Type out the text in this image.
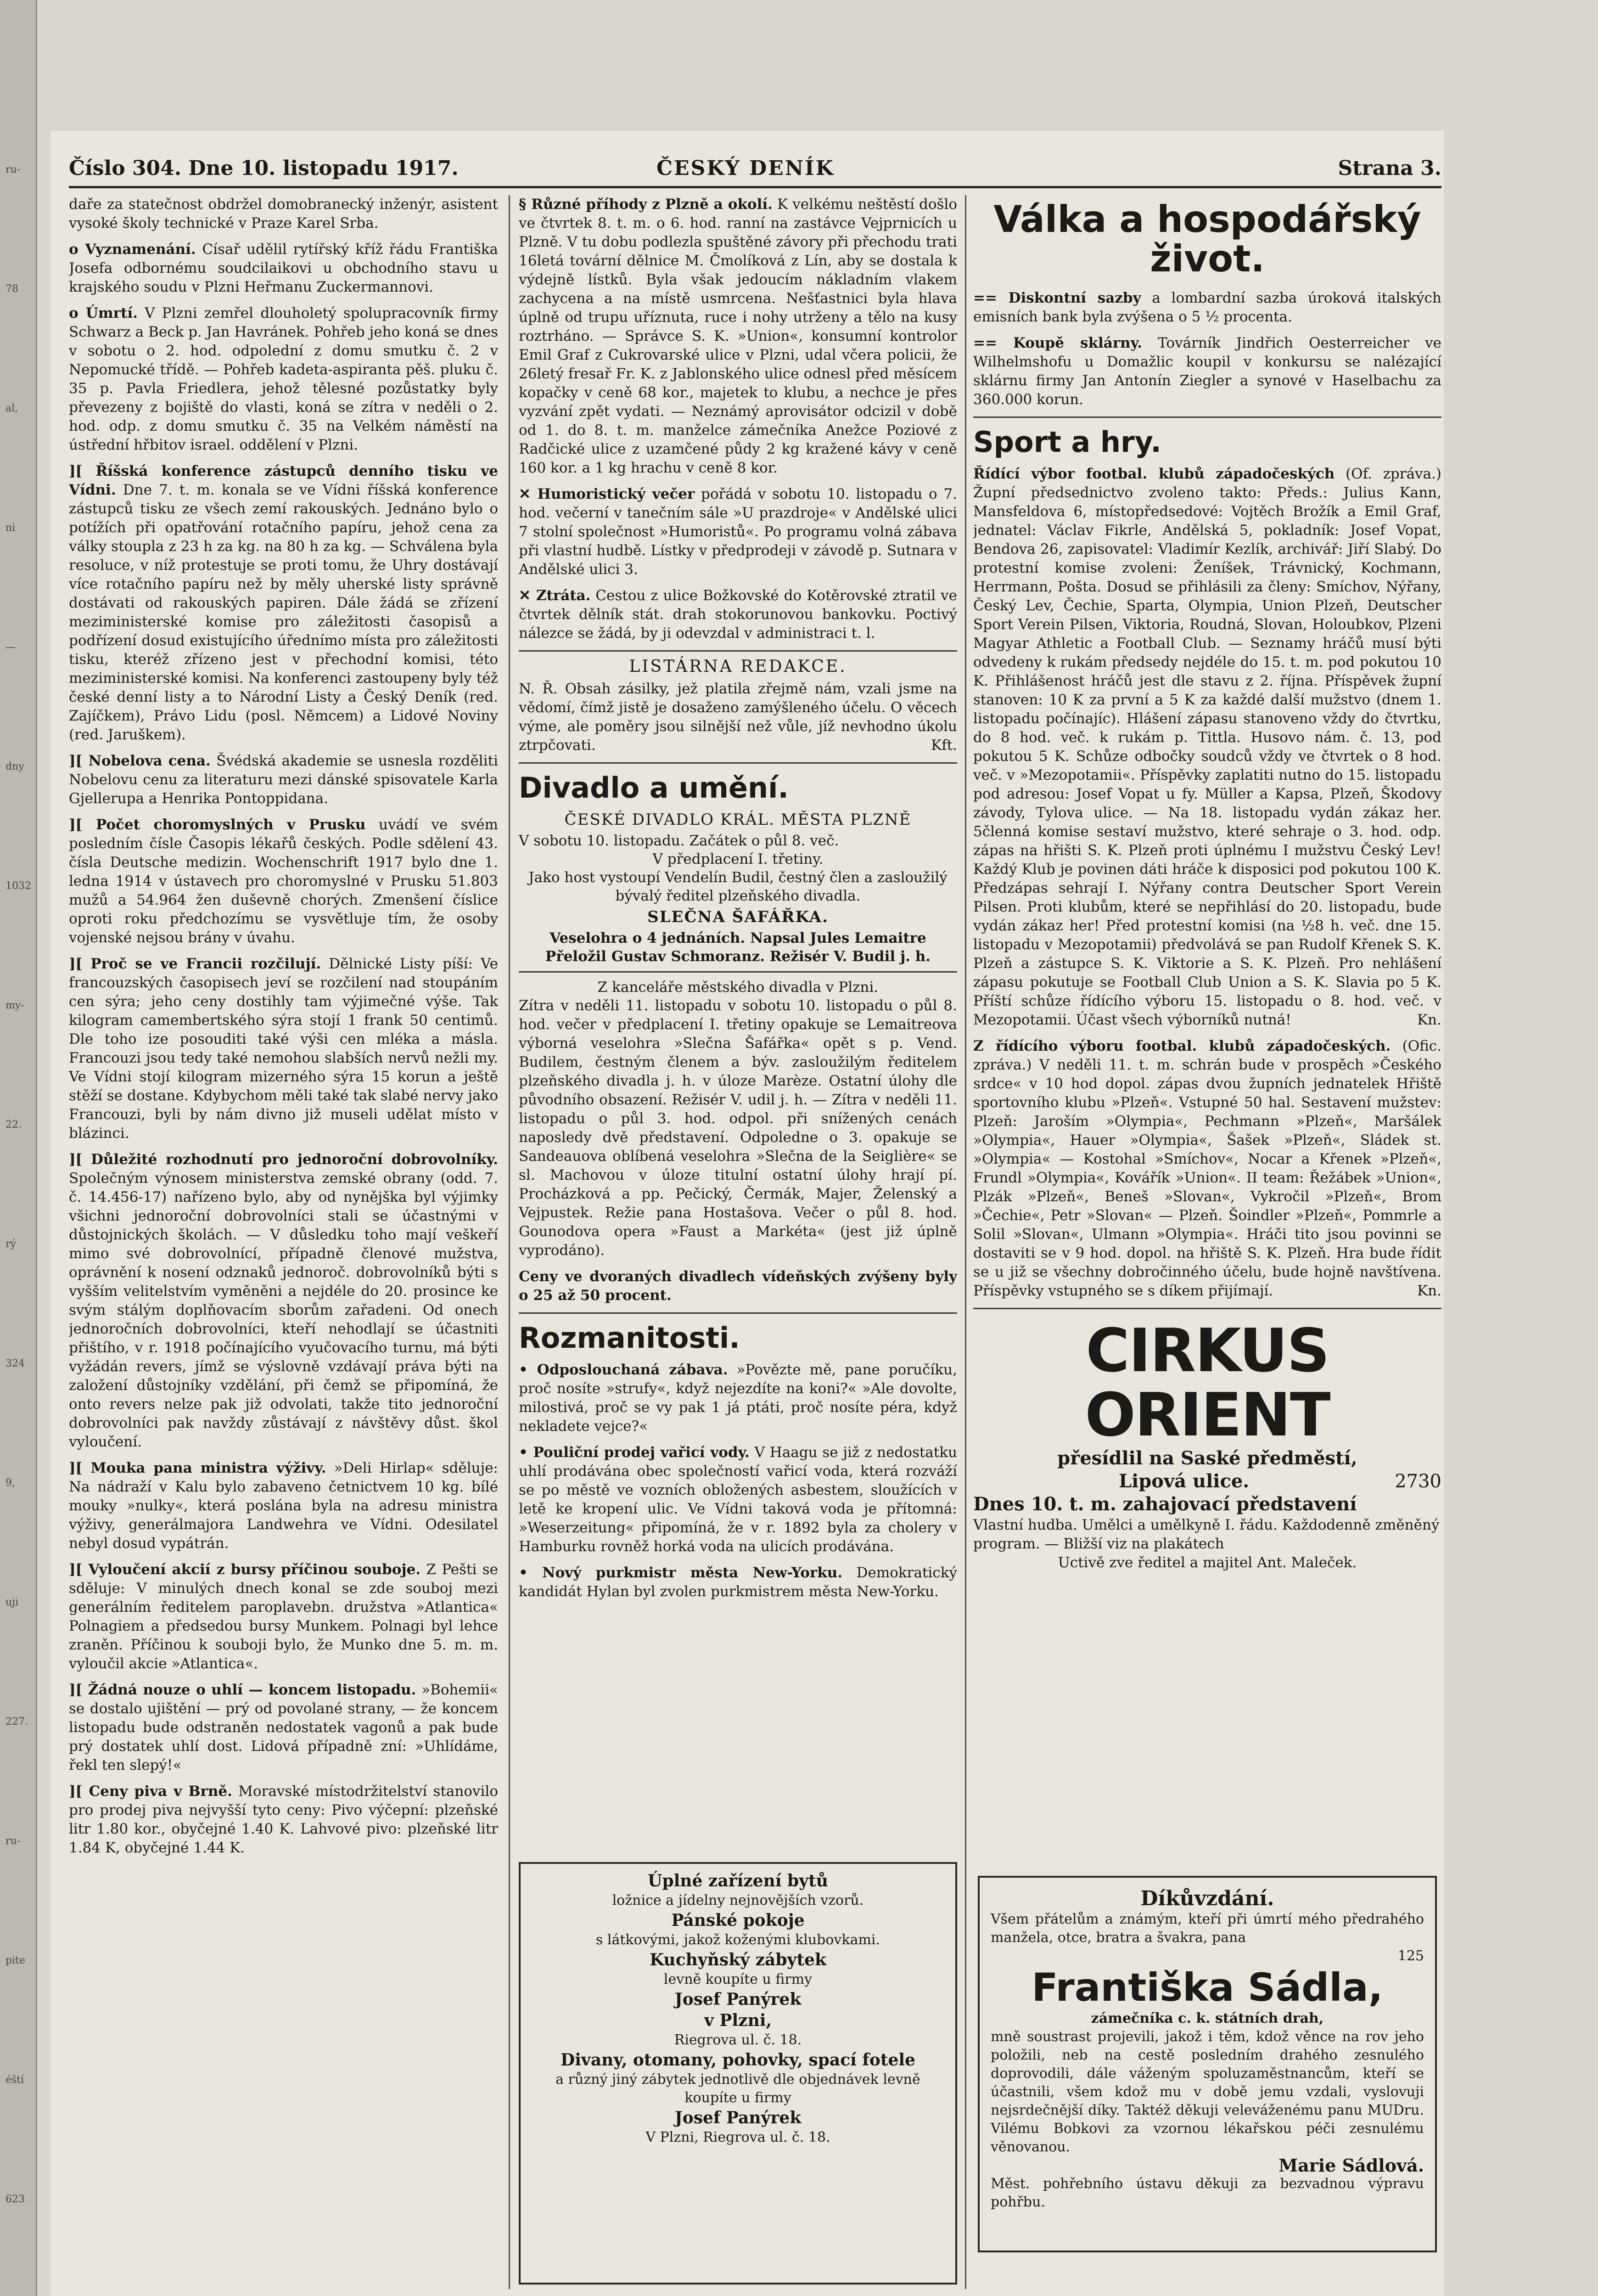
ru-
78
al,
ni
—
dny
1032
my-
22.
rý
324
9,
uji
227.
ru-
pite
éští
623
Číslo 304. Dne 10. listopadu 1917.	ČESKÝ DENÍK	Strana 3.

daře za statečnost obdržel domobranecký inženýr, asistent vysoké školy technické v Praze Karel Srba.

o Vyznamenání. Císař udělil rytířský kříž řádu Františka Josefa odbornému soudcilaikovi u obchodního stavu u krajského soudu v Plzni Heřmanu Zuckermannovi.

o Úmrtí. V Plzni zemřel dlouholetý spolupracovník firmy Schwarz a Beck p. Jan Havránek. Pohřeb jeho koná se dnes v sobotu o 2. hod. odpolední z domu smutku č. 2 v Nepomucké třídě. — Pohřeb kadeta-aspiranta pěš. pluku č. 35 p. Pavla Friedlera, jehož tělesné pozůstatky byly převezeny z bojiště do vlasti, koná se zítra v neděli o 2. hod. odp. z domu smutku č. 35 na Velkém náměstí na ústřední hřbitov israel. oddělení v Plzni.

][ Říšská konference zástupců denního tisku ve Vídni. Dne 7. t. m. konala se ve Vídni říšská konference zástupců tisku ze všech zemí rakouských. Jednáno bylo o potížích při opatřování rotačního papíru, jehož cena za války stoupla z 23 h za kg. na 80 h za kg. — Schválena byla resoluce, v níž protestuje se proti tomu, že Uhry dostávají více rotačního papíru než by měly uherské listy správně dostávati od rakouských papiren. Dále žádá se zřízení meziministerské komise pro záležitosti časopisů a podřízení dosud existujícího úřednímo místa pro záležitosti tisku, kteréž zřízeno jest v přechodní komisi, této meziministerské komisi. Na konferenci zastoupeny byly též české denní listy a to Národní Listy a Český Deník (red. Zajíčkem), Právo Lidu (posl. Němcem) a Lidové Noviny (red. Jaruškem).

][ Nobelova cena. Švédská akademie se usnesla rozděliti Nobelovu cenu za literaturu mezi dánské spisovatele Karla Gjellerupa a Henrika Pontoppidana.

][ Počet choromyslných v Prusku uvádí ve svém posledním čísle Časopis lékařů českých. Podle sdělení 43. čísla Deutsche medizin. Wochenschrift 1917 bylo dne 1. ledna 1914 v ústavech pro choromyslné v Prusku 51.803 mužů a 54.964 žen duševně chorých. Zmenšení číslice oproti roku předchozímu se vysvětluje tím, že osoby vojenské nejsou brány v úvahu.

][ Proč se ve Francii rozčilují. Dělnické Listy píší: Ve francouzských časopisech jeví se rozčilení nad stoupáním cen sýra; jeho ceny dostihly tam výjimečné výše. Tak kilogram camembertského sýra stojí 1 frank 50 centimů. Dle toho ize posouditi také výši cen mléka a másla. Francouzi jsou tedy také nemohou slabších nervů nežli my. Ve Vídni stojí kilogram mizerného sýra 15 korun a ještě stěží se dostane. Kdybychom měli také tak slabé nervy jako Francouzi, byli by nám divno již museli udělat místo v blázinci.

][ Důležité rozhodnutí pro jednoroční dobrovolníky. Společným výnosem ministerstva zemské obrany (odd. 7. č. 14.456-17) nařízeno bylo, aby od nynějška byl výjimky všichni jednoroční dobrovolníci stali se účastnými v důstojnických školách. — V důsledku toho mají veškeří mimo své dobrovolnící, případně členové mužstva, oprávnění k nosení odznaků jednoroč. dobrovolníků býti s vyšším velitelstvím vyměněni a nejdéle do 20. prosince ke svým stálým doplňovacím sborům zařadeni. Od onech jednoročních dobrovolníci, kteří nehodlají se účastniti přištího, v r. 1918 počínajícího vyučovacího turnu, má býti vyžádán revers, jímž se výslovně vzdávají práva býti na založení důstojníky vzdělání, při čemž se připomíná, že onto revers nelze pak již odvolati, takže tito jednoroční dobrovolníci pak navždy zůstávají z návštěvy důst. škol vyloučení.

][ Mouka pana ministra výživy. »Deli Hirlap« sděluje: Na nádraží v Kalu bylo zabaveno četnictvem 10 kg. bílé mouky »nulky«, která poslána byla na adresu ministra výživy, generálmajora Landwehra ve Vídni. Odesilatel nebyl dosud vypátrán.

][ Vyloučení akcií z bursy příčinou souboje. Z Pešti se sděluje: V minulých dnech konal se zde souboj mezi generálním ředitelem paroplavebn. družstva »Atlantica« Polnagiem a předsedou bursy Munkem. Polnagi byl lehce zraněn. Příčinou k souboji bylo, že Munko dne 5. m. m. vyloučil akcie »Atlantica«.

][ Žádná nouze o uhlí — koncem listopadu. »Bohemii« se dostalo ujištění — prý od povolané strany, — že koncem listopadu bude odstraněn nedostatek vagonů a pak bude prý dostatek uhlí dost. Lidová případně zní: »Uhlídáme, řekl ten slepý!«

][ Ceny piva v Brně. Moravské místodržitelství stanovilo pro prodej piva nejvyšší tyto ceny: Pivo výčepní: plzeňské litr 1.80 kor., obyčejné 1.40 K. Lahvové pivo: plzeňské litr 1.84 K, obyčejné 1.44 K.

§ Různé příhody z Plzně a okolí. K velkému neštěstí došlo ve čtvrtek 8. t. m. o 6. hod. ranní na zastávce Vejprnicích u Plzně. V tu dobu podlezla spuštěné závory při přechodu trati 16letá tovární dělnice M. Čmolíková z Lín, aby se dostala k výdejně lístků. Byla však jedoucím nákladním vlakem zachycena a na místě usmrcena. Nešťastnici byla hlava úplně od trupu uříznuta, ruce i nohy utrženy a tělo na kusy roztrháno. — Správce S. K. »Union«, konsumní kontrolor Emil Graf z Cukrovarské ulice v Plzni, udal včera policii, že 26letý fresař Fr. K. z Jablonského ulice odnesl před měsícem kopačky v ceně 68 kor., majetek to klubu, a nechce je přes vyzvání zpět vydati. — Neznámý aprovisátor odcizil v době od 1. do 8. t. m. manželce zámečníka Anežce Poziové z Radčické ulice z uzamčené půdy 2 kg kražené kávy v ceně 160 kor. a 1 kg hrachu v ceně 8 kor.

✕ Humoristický večer pořádá v sobotu 10. listopadu o 7. hod. večerní v tanečním sále »U prazdroje« v Andělské ulici 7 stolní společnost »Humoristů«. Po programu volná zábava při vlastní hudbě. Lístky v předprodeji v závodě p. Sutnara v Andělské ulici 3.

✕ Ztráta. Cestou z ulice Božkovské do Kotěrovské ztratil ve čtvrtek dělník stát. drah stokorunovou bankovku. Poctivý nálezce se žádá, by ji odevzdal v administraci t. l.

LISTÁRNA REDAKCE.

N. Ř. Obsah zásilky, jež platila zřejmě nám, vzali jsme na vědomí, čímž jistě je dosaženo zamýšleného účelu. O věcech výme, ale poměry jsou silnější než vůle, jíž nevhodno úkolu ztrpčovati.	Kft.

Divadlo a umění.
ČESKÉ DIVADLO KRÁL. MĚSTA PLZNĚ
V sobotu 10. listopadu. Začátek o půl 8. več.
V předplacení I. třetiny.
Jako host vystoupí Vendelín Budil, čestný člen a zasloužilý bývalý ředitel plzeňského divadla.
SLEČNA ŠAFÁŘKA.
Veselohra o 4 jednáních. Napsal Jules Lemaitre Přeložil Gustav Schmoranz. Režisér V. Budil j. h.
Z kanceláře městského divadla v Plzni.

Zítra v neděli 11. listopadu v sobotu 10. listopadu o půl 8. hod. večer v předplacení I. třetiny opakuje se Lemaitreova výborná veselohra »Slečna Šafářka« opět s p. Vend. Budilem, čestným členem a býv. zasloužilým ředitelem plzeňského divadla j. h. v úloze Marèze. Ostatní úlohy dle původního obsazení. Režisér V. udil j. h. — Zítra v neděli 11. listopadu o půl 3. hod. odpol. při snížených cenách naposledy dvě představení. Odpoledne o 3. opakuje se Sandeauova oblíbená veselohra »Slečna de la Seiglière« se sl. Machovou v úloze titulní ostatní úlohy hrají pí. Procházková a pp. Pečický, Čermák, Majer, Želenský a Vejpustek. Režie pana Hostašova. Večer o půl 8. hod. Gounodova opera »Faust a Markéta« (jest již úplně vyprodáno).

Ceny ve dvoraných divadlech vídeňských zvýšeny byly o 25 až 50 procent.

Rozmanitosti.

• Odposlouchaná zábava. »Povězte mě, pane poručíku, proč nosíte »strufy«, když nejezdíte na koni?« »Ale dovolte, milostivá, proč se vy pak 1 já ptáti, proč nosíte péra, když nekladete vejce?«

• Pouliční prodej vařicí vody. V Haagu se již z nedostatku uhlí prodávána obec společností vařicí voda, která rozváží se po městě ve vozních obložených asbestem, sloužících v letě ke kropení ulic. Ve Vídni taková voda je přítomná: »Weserzeitung« připomíná, že v r. 1892 byla za cholery v Hamburku rovněž horká voda na ulicích prodávána.

• Nový purkmistr města New-Yorku. Demokratický kandidát Hylan byl zvolen purkmistrem města New-Yorku.

Úplné zařízení bytů
ložnice a jídelny nejnovějších vzorů.
Pánské pokoje
s látkovými, jakož koženými klubovkami.
Kuchyňský zábytek
levně koupíte u firmy
Josef Panýrek
v Plzni,
Riegrova ul. č. 18.
Divany, otomany, pohovky, spací fotele
a různý jiný zábytek jednotlivě dle objednávek levně koupíte u firmy
Josef Panýrek
V Plzni, Riegrova ul. č. 18.
Válka a hospodářský život.

== Diskontní sazby a lombardní sazba úroková italských emisních bank byla zvýšena o 5 ½ procenta.

== Koupě sklárny. Továrník Jindřich Oesterreicher ve Wilhelmshofu u Domažlic koupil v konkursu se nalézající sklárnu firmy Jan Antonín Ziegler a synové v Haselbachu za 360.000 korun.

Sport a hry.

Řídící výbor footbal. klubů západočeských (Of. zpráva.) Župní předsednictvo zvoleno takto: Předs.: Julius Kann, Mansfeldova 6, místopředsedové: Vojtěch Brožík a Emil Graf, jednatel: Václav Fikrle, Andělská 5, pokladník: Josef Vopat, Bendova 26, zapisovatel: Vladimír Kezlík, archivář: Jiří Slabý. Do protestní komise zvoleni: Ženíšek, Trávnický, Kochmann, Herrmann, Pošta. Dosud se přihlásili za členy: Smíchov, Nýřany, Český Lev, Čechie, Sparta, Olympia, Union Plzeň, Deutscher Sport Verein Pilsen, Viktoria, Roudná, Slovan, Holoubkov, Plzeni Magyar Athletic a Football Club. — Seznamy hráčů musí býti odvedeny k rukám předsedy nejdéle do 15. t. m. pod pokutou 10 K. Přihlášenost hráčů jest dle stavu z 2. října. Příspěvek župní stanoven: 10 K za první a 5 K za každé další mužstvo (dnem 1. listopadu počínajíc). Hlášení zápasu stanoveno vždy do čtvrtku, do 8 hod. več. k rukám p. Tittla. Husovo nám. č. 13, pod pokutou 5 K. Schůze odbočky soudců vždy ve čtvrtek o 8 hod. več. v »Mezopotamii«. Příspěvky zaplatiti nutno do 15. listopadu pod adresou: Josef Vopat u fy. Müller a Kapsa, Plzeň, Škodovy závody, Tylova ulice. — Na 18. listopadu vydán zákaz her. 5členná komise sestaví mužstvo, které sehraje o 3. hod. odp. zápas na hřišti S. K. Plzeň proti úplnému I mužstvu Český Lev! Každý Klub je povinen dáti hráče k disposici pod pokutou 100 K. Předzápas sehrají I. Nýřany contra Deutscher Sport Verein Pilsen. Proti klubům, které se nepřihlásí do 20. listopadu, bude vydán zákaz her! Před protestní komisi (na ½8 h. več. dne 15. listopadu v Mezopotamii) předvolává se pan Rudolf Křenek S. K. Plzeň a zástupce S. K. Viktorie a S. K. Plzeň. Pro nehlášení zápasu pokutuje se Football Club Union a S. K. Slavia po 5 K. Příští schůze řídícího výboru 15. listopadu o 8. hod. več. v Mezopotamii. Účast všech výborníků nutná!	Kn.

Z řídícího výboru footbal. klubů západočeských. (Ofic. zpráva.) V neděli 11. t. m. schrán bude v prospěch »Českého srdce« v 10 hod dopol. zápas dvou župních jednatelek Hřiště sportovního klubu »Plzeň«. Vstupné 50 hal. Sestavení mužstev: Plzeň: Jaroším »Olympia«, Pechmann »Plzeň«, Maršálek »Olympia«, Hauer »Olympia«, Šašek »Plzeň«, Sládek st. »Olympia« — Kostohal »Smíchov«, Nocar a Křenek »Plzeň«, Frundl »Olympia«, Kovářík »Union«. II team: Řežábek »Union«, Plzák »Plzeň«, Beneš »Slovan«, Vykročil »Plzeň«, Brom »Čechie«, Petr »Slovan« — Plzeň. Šoindler »Plzeň«, Pommrle a Solil »Slovan«, Ulmann »Olympia«. Hráči tito jsou povinni se dostaviti se v 9 hod. dopol. na hřiště S. K. Plzeň. Hra bude řídit se u již se všechny dobročinného účelu, bude hojně navštívena. Příspěvky vstupného se s díkem přijímají.	Kn.

CIRKUS ORIENT
přesídlil na Saské předměstí,
Lipová ulice.	2730
Dnes 10. t. m. zahajovací představení
Vlastní hudba. Umělci a umělkyně I. řádu. Každodenně změněný program. — Bližší viz na plakátech
Uctivě zve ředitel a majitel Ant. Maleček.
Díkůvzdání.
Všem přátelům a známým, kteří při úmrtí mého předrahého manžela, otce, bratra a švakra, pana
125
Františka Sádla,
zámečníka c. k. státních drah,
mně soustrast projevili, jakož i těm, kdož věnce na rov jeho položili, neb na cestě posledním drahého zesnulého doprovodili, dále váženým spoluzaměstnancům, kteří se účastnili, všem kdož mu v době jemu vzdali, vyslovuji nejsrdečnější díky. Taktéž děkuji veleváženému panu MUDru. Vilému Bobkovi za vzornou lékařskou péči zesnulému věnovanou.
Marie Sádlová.
Měst. pohřebního ústavu děkuji za bezvadnou výpravu pohřbu.
